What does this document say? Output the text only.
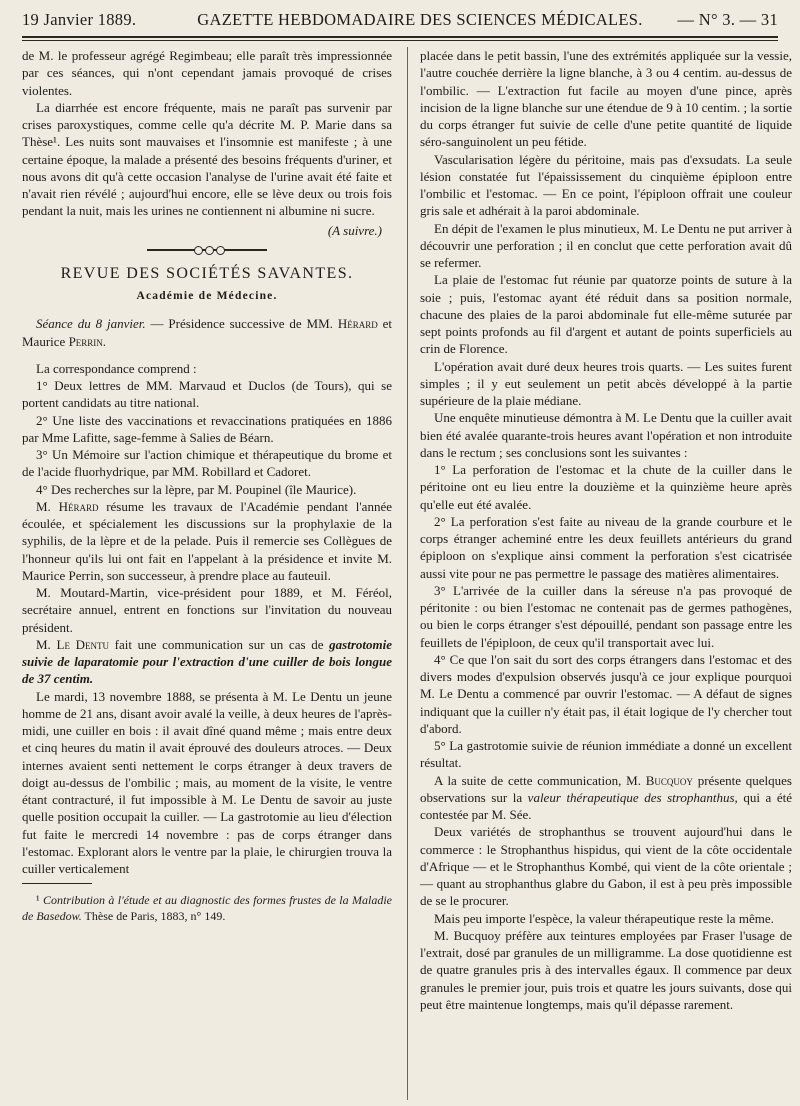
19 Janvier 1889.	GAZETTE HEBDOMADAIRE DES SCIENCES MÉDICALES.	— N° 3. — 31

de M. le professeur agrégé Regimbeau; elle paraît très impressionnée par ces séances, qui n'ont cependant jamais provoqué de crises violentes.

La diarrhée est encore fréquente, mais ne paraît pas survenir par crises paroxystiques, comme celle qu'a décrite M. P. Marie dans sa Thèse¹. Les nuits sont mauvaises et l'insomnie est manifeste ; à une certaine époque, la malade a présenté des besoins fréquents d'uriner, et nous avons dit qu'à cette occasion l'analyse de l'urine avait été faite et n'avait rien révélé ; aujourd'hui encore, elle se lève deux ou trois fois pendant la nuit, mais les urines ne contiennent ni albumine ni sucre.

(A suivre.)

REVUE DES SOCIÉTÉS SAVANTES.

Académie de Médecine.

Séance du 8 janvier. — Présidence successive de MM. Hérard et Maurice Perrin.

La correspondance comprend :

1° Deux lettres de MM. Marvaud et Duclos (de Tours), qui se portent candidats au titre national.

2° Une liste des vaccinations et revaccinations pratiquées en 1886 par Mme Lafitte, sage-femme à Salies de Béarn.

3° Un Mémoire sur l'action chimique et thérapeutique du brome et de l'acide fluorhydrique, par MM. Robillard et Cadoret.

4° Des recherches sur la lèpre, par M. Poupinel (île Maurice).

M. Hérard résume les travaux de l'Académie pendant l'année écoulée, et spécialement les discussions sur la prophylaxie de la syphilis, de la lèpre et de la pelade. Puis il remercie ses Collègues de l'honneur qu'ils lui ont fait en l'appelant à la présidence et invite M. Maurice Perrin, son successeur, à prendre place au fauteuil.

M. Moutard-Martin, vice-président pour 1889, et M. Féréol, secrétaire annuel, entrent en fonctions sur l'invitation du nouveau président.

M. Le Dentu fait une communication sur un cas de gastrotomie suivie de laparatomie pour l'extraction d'une cuiller de bois longue de 37 centim.

Le mardi, 13 novembre 1888, se présenta à M. Le Dentu un jeune homme de 21 ans, disant avoir avalé la veille, à deux heures de l'après-midi, une cuiller en bois : il avait dîné quand même ; mais entre deux et cinq heures du matin il avait éprouvé des douleurs atroces. — Deux internes avaient senti nettement le corps étranger à deux travers de doigt au-dessus de l'ombilic ; mais, au moment de la visite, le ventre étant contracturé, il fut impossible à M. Le Dentu de savoir au juste quelle position occupait la cuiller. — La gastrotomie au lieu d'élection fut faite le mercredi 14 novembre : pas de corps étranger dans l'estomac. Explorant alors le ventre par la plaie, le chirurgien trouva la cuiller verticalement

¹ Contribution à l'étude et au diagnostic des formes frustes de la Maladie de Basedow. Thèse de Paris, 1883, n° 149.

placée dans le petit bassin, l'une des extrémités appliquée sur la vessie, l'autre couchée derrière la ligne blanche, à 3 ou 4 centim. au-dessus de l'ombilic. — L'extraction fut facile au moyen d'une pince, après incision de la ligne blanche sur une étendue de 9 à 10 centim. ; la sortie du corps étranger fut suivie de celle d'une petite quantité de liquide séro-sanguinolent un peu fétide.

Vascularisation légère du péritoine, mais pas d'exsudats. La seule lésion constatée fut l'épaississement du cinquième épiploon entre l'ombilic et l'estomac. — En ce point, l'épiploon offrait une couleur gris sale et adhérait à la paroi abdominale.

En dépit de l'examen le plus minutieux, M. Le Dentu ne put arriver à découvrir une perforation ; il en conclut que cette perforation avait dû se refermer.

La plaie de l'estomac fut réunie par quatorze points de suture à la soie ; puis, l'estomac ayant été réduit dans sa position normale, chacune des plaies de la paroi abdominale fut elle-même suturée par sept points profonds au fil d'argent et autant de points superficiels au crin de Florence.

L'opération avait duré deux heures trois quarts. — Les suites furent simples ; il y eut seulement un petit abcès développé à la partie supérieure de la plaie médiane.

Une enquête minutieuse démontra à M. Le Dentu que la cuiller avait bien été avalée quarante-trois heures avant l'opération et non introduite dans le rectum ; ses conclusions sont les suivantes :

1° La perforation de l'estomac et la chute de la cuiller dans le péritoine ont eu lieu entre la douzième et la quinzième heure après qu'elle eut été avalée.

2° La perforation s'est faite au niveau de la grande courbure et le corps étranger acheminé entre les deux feuillets antérieurs du grand épiploon on s'explique ainsi comment la perforation s'est cicatrisée aussi vite pour ne pas permettre le passage des matières alimentaires.

3° L'arrivée de la cuiller dans la séreuse n'a pas provoqué de péritonite : ou bien l'estomac ne contenait pas de germes pathogènes, ou bien le corps étranger s'est dépouillé, pendant son passage entre les feuillets de l'épiploon, de ceux qu'il transportait avec lui.

4° Ce que l'on sait du sort des corps étrangers dans l'estomac et des divers modes d'expulsion observés jusqu'à ce jour explique pourquoi M. Le Dentu a commencé par ouvrir l'estomac. — A défaut de signes indiquant que la cuiller n'y était pas, il était logique de l'y chercher tout d'abord.

5° La gastrotomie suivie de réunion immédiate a donné un excellent résultat.

A la suite de cette communication, M. Bucquoy présente quelques observations sur la valeur thérapeutique des strophanthus, qui a été contestée par M. Sée.

Deux variétés de strophanthus se trouvent aujourd'hui dans le commerce : le Strophanthus hispidus, qui vient de la côte occidentale d'Afrique — et le Strophanthus Kombé, qui vient de la côte orientale ; — quant au strophanthus glabre du Gabon, il est à peu près impossible de se le procurer.

Mais peu importe l'espèce, la valeur thérapeutique reste la même.

M. Bucquoy préfère aux teintures employées par Fraser l'usage de l'extrait, dosé par granules de un milligramme. La dose quotidienne est de quatre granules pris à des intervalles égaux. Il commence par deux granules le premier jour, puis trois et quatre les jours suivants, dose qui peut être maintenue longtemps, mais qu'il dépasse rarement.
